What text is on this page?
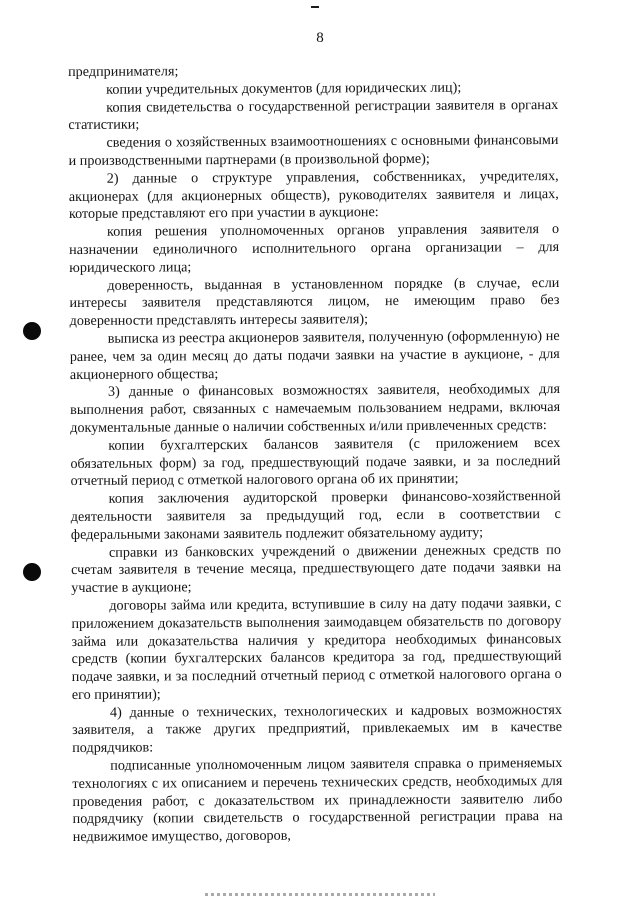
8

предпринимателя;

копии учредительных документов (для юридических лиц);

копия свидетельства о государственной регистрации заявителя в органах статистики;

сведения о хозяйственных взаимоотношениях с основными финансовыми и производственными партнерами (в произвольной форме);

2) данные о структуре управления, собственниках, учредителях, акционерах (для акционерных обществ), руководителях заявителя и лицах, которые представляют его при участии в аукционе:

копия решения уполномоченных органов управления заявителя о назначении единоличного исполнительного органа организации – для юридического лица;

доверенность, выданная в установленном порядке (в случае, если интересы заявителя представляются лицом, не имеющим право без доверенности представлять интересы заявителя);

выписка из реестра акционеров заявителя, полученную (оформленную) не ранее, чем за один месяц до даты подачи заявки на участие в аукционе, - для акционерного общества;

3) данные о финансовых возможностях заявителя, необходимых для выполнения работ, связанных с намечаемым пользованием недрами, включая документальные данные о наличии собственных и/или привлеченных средств:

копии бухгалтерских балансов заявителя (с приложением всех обязательных форм) за год, предшествующий подаче заявки, и за последний отчетный период с отметкой налогового органа об их принятии;

копия заключения аудиторской проверки финансово-хозяйственной деятельности заявителя за предыдущий год, если в соответствии с федеральными законами заявитель подлежит обязательному аудиту;

справки из банковских учреждений о движении денежных средств по счетам заявителя в течение месяца, предшествующего дате подачи заявки на участие в аукционе;

договоры займа или кредита, вступившие в силу на дату подачи заявки, с приложением доказательств выполнения заимодавцем обязательств по договору займа или доказательства наличия у кредитора необходимых финансовых средств (копии бухгалтерских балансов кредитора за год, предшествующий подаче заявки, и за последний отчетный период с отметкой налогового органа о его принятии);

4) данные о технических, технологических и кадровых возможностях заявителя, а также других предприятий, привлекаемых им в качестве подрядчиков:

подписанные уполномоченным лицом заявителя справка о применяемых технологиях с их описанием и перечень технических средств, необходимых для проведения работ, с доказательством их принадлежности заявителю либо подрядчику (копии свидетельств о государственной регистрации права на недвижимое имущество, договоров,
